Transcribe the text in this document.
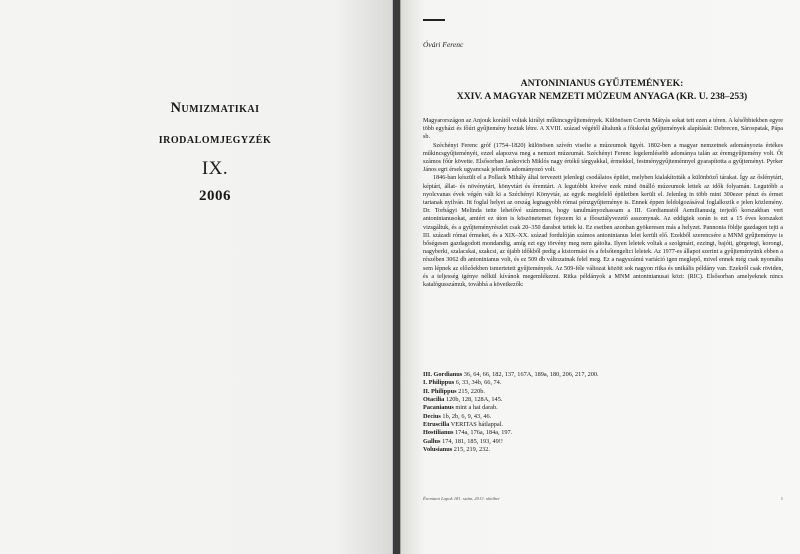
Numizmatikai
irodalomjegyzék
IX.
2006
Óvári Ferenc
ANTONINIANUS GYŰJTEMÉNYEK:
XXIV. A MAGYAR NEMZETI MÚZEUM ANYAGA (KR. U. 238–253)

Magyarországon az Anjouk korától voltak királyi műkincsgyűjtemények. Különösen Corvin Mátyás sokat tett ezen a téren. A későbbiekben egyre több egyházi és főúri gyűjtemény hoztak létre. A XVIII. század végétől általunk a főiskolai gyűjtemények alapítását: Debrecen, Sárospatak, Pápa sb.

Széchényi Ferenc gróf (1754–1820) különösen szívén viselte a múzeumok ügyét. 1802-ben a magyar nemzetnek adományozta értékes műkincsgyűjteményét, ezzel alapozva meg a nemzet múzeumát. Széchényi Ferenc legelemlésebb adománya talán az éremgyűjtemény volt. Őt számos főúr követte. Elsősorban Jankovich Miklós nagy értékű tárgyakkal, érmekkel, festménygyűjteménnyel gyarapította a gyűjteményt. Pyrker János egri érsek ugyancsak jelentős adományozó volt.

1846-ban készült el a Pollack Mihály által tervezett jelenlegi csodálatos épület, melyben kialakították a különböző tárakat. Így az őslénytárt, képtárt, állat- és növénytárt, könyvtárt és éremtárt. A legutóbbi kivéve ezek mind önálló múzeumok lettek az idők folyamán. Legutóbb a nyolcvanas évek végén vált ki a Széchényi Könyvtár, az egyik megfelelő épületben került el. Jelenleg in több mint 300ezer pénzt és érmet tartanak nyilván. Itt foglal helyet az ország legnagyobb római pénzgyűjteménye is. Ennek éppen feldolgozásával foglalkozik e jelen közlemény. Dr. Torbágyi Melinda tette lehetővé számomra, hogy tanulmányozhassam a III. Gordianustól Aemilianusig terjedő korszakban vert antoninianusokat, amiért ez úton is köszönetemet fejezem ki a főosztályvezető asszonynak. Az eddigiek során is ezt a 15 éves korszakot vizsgáltuk, és a gyűjteményrészlet csak 20–350 darabot tettek ki. Ez esetben azonban gyökeresen más a helyzet. Pannonia földje gazdagon tejti a III. századi római érmeket, és a XIX–XX. század fordulóján számos antoninianus lelet került elő. Ezekből szerencsére a MNM gyűjteménye is bőségesen gazdagodott mondandig, amíg ezt egy törvény meg nem gátolta. Ilyen leletek voltak a szolgmári, ezzingi, bajóti, görgetegi, korongi, nagyberki, szalacskai, szakcsi, az újabb időkből pedig a kistormási és a felsőtengelici leletek. Az 1977-es állapot szerint a gyűjteményünk ebben a részében 3062 db antoninianus volt, és ez 509 db változatnak felel meg. Ez a nagyszámú variáció igen meglepő, mivel ennek még csak nyomába sem lépnek az előzőekben ismertetett gyűjtemények. Az 509-féle változat között sok nagyon ritka és unikális példány van. Ezekről csak röviden, és a teljesség igénye nélkül kívánok megemlékezni. Ritka példányok a MNM antoninianusai közt: (RIC). Elsősorban amelyeknek nincs katalógusszámuk, továbbá a következők:

III. Gordianus 36, 64, 66, 182, 137, 167A, 189a, 180, 206, 217, 200.
I. Philippus 6, 33, 34b, 66, 74.
II. Philippus 215, 220b.
Otacilia 120b, 128, 128A, 145.
Pacanianus mint a hat darab.
Decius 1b, 2b, 6, 9, 43, 46.
Etruscilla VERITAS hátlappal.
Hostilianus 174a, 176a, 184a, 197.
Gallus 174, 181, 185, 193, 49!!
Volusianus 215, 219, 232.
Éremtani Lapok 181. szám, 2013. október	1
